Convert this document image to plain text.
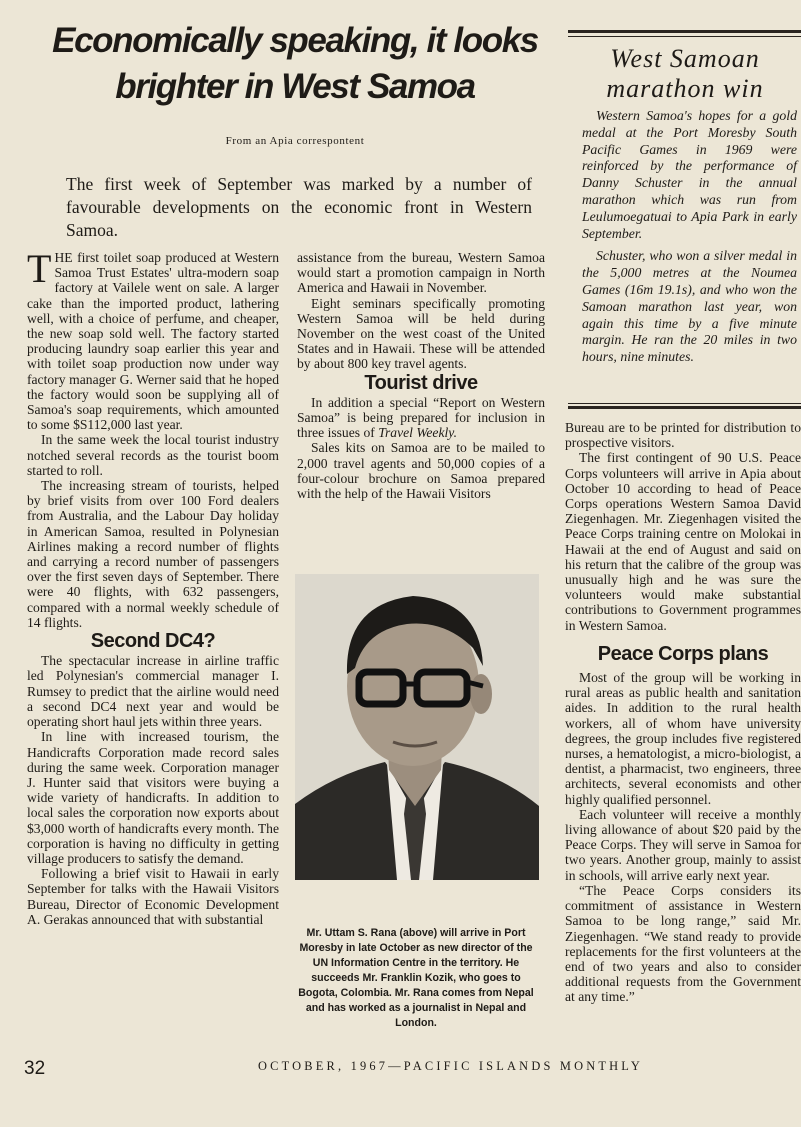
Economically speaking, it looks brighter in West Samoa
From an Apia correspontent
The first week of September was marked by a number of favourable developments on the economic front in Western Samoa.

THE first toilet soap produced at Western Samoa Trust Estates' ultra-modern soap factory at Vailele went on sale. A larger cake than the imported product, lathering well, with a choice of perfume, and cheaper, the new soap sold well. The factory started producing laundry soap earlier this year and with toilet soap production now under way factory manager G. Werner said that he hoped the factory would soon be supplying all of Samoa's soap requirements, which amounted to some $S112,000 last year.

In the same week the local tourist industry notched several records as the tourist boom started to roll.

The increasing stream of tourists, helped by brief visits from over 100 Ford dealers from Australia, and the Labour Day holiday in American Samoa, resulted in Polynesian Airlines making a record number of flights and carrying a record number of passengers over the first seven days of September. There were 40 flights, with 632 passengers, compared with a normal weekly schedule of 14 flights.

Second DC4?

The spectacular increase in airline traffic led Polynesian's commercial manager I. Rumsey to predict that the airline would need a second DC4 next year and would be operating short haul jets within three years.

In line with increased tourism, the Handicrafts Corporation made record sales during the same week. Corporation manager J. Hunter said that visitors were buying a wide variety of handicrafts. In addition to local sales the corporation now exports about $3,000 worth of handicrafts every month. The corporation is having no difficulty in getting village producers to satisfy the demand.

Following a brief visit to Hawaii in early September for talks with the Hawaii Visitors Bureau, Director of Economic Development A. Gerakas announced that with substantial

assistance from the bureau, Western Samoa would start a promotion campaign in North America and Hawaii in November.

Eight seminars specifically promoting Western Samoa will be held during November on the west coast of the United States and in Hawaii. These will be attended by about 800 key travel agents.

Tourist drive

In addition a special “Report on Western Samoa” is being prepared for inclusion in three issues of Travel Weekly.

Sales kits on Samoa are to be mailed to 2,000 travel agents and 50,000 copies of a four-colour brochure on Samoa prepared with the help of the Hawaii Visitors

Mr. Uttam S. Rana (above) will arrive in Port Moresby in late October as new director of the UN Information Centre in the territory. He succeeds Mr. Franklin Kozik, who goes to Bogota, Colombia. Mr. Rana comes from Nepal and has worked as a journalist in Nepal and London.
West Samoan marathon win

Western Samoa's hopes for a gold medal at the Port Moresby South Pacific Games in 1969 were reinforced by the performance of Danny Schuster in the annual marathon which was run from Leulumoegatuai to Apia Park in early September.

Schuster, who won a silver medal in the 5,000 metres at the Noumea Games (16m 19.1s), and who won the Samoan marathon last year, won again this time by a five minute margin. He ran the 20 miles in two hours, nine minutes.

Bureau are to be printed for distribution to prospective visitors.

The first contingent of 90 U.S. Peace Corps volunteers will arrive in Apia about October 10 according to head of Peace Corps operations Western Samoa David Ziegenhagen. Mr. Ziegenhagen visited the Peace Corps training centre on Molokai in Hawaii at the end of August and said on his return that the calibre of the group was unusually high and he was sure the volunteers would make substantial contributions to Government programmes in Western Samoa.

Peace Corps plans

Most of the group will be working in rural areas as public health and sanitation aides. In addition to the rural health workers, all of whom have university degrees, the group includes five registered nurses, a hematologist, a micro-biologist, a dentist, a pharmacist, two engineers, three architects, several economists and other highly qualified personnel.

Each volunteer will receive a monthly living allowance of about $20 paid by the Peace Corps. They will serve in Samoa for two years. Another group, mainly to assist in schools, will arrive early next year.

“The Peace Corps considers its commitment of assistance in Western Samoa to be long range,” said Mr. Ziegenhagen. “We stand ready to provide replacements for the first volunteers at the end of two years and also to consider additional requests from the Government at any time.”

32	OCTOBER, 1967—PACIFIC ISLANDS MONTHLY
